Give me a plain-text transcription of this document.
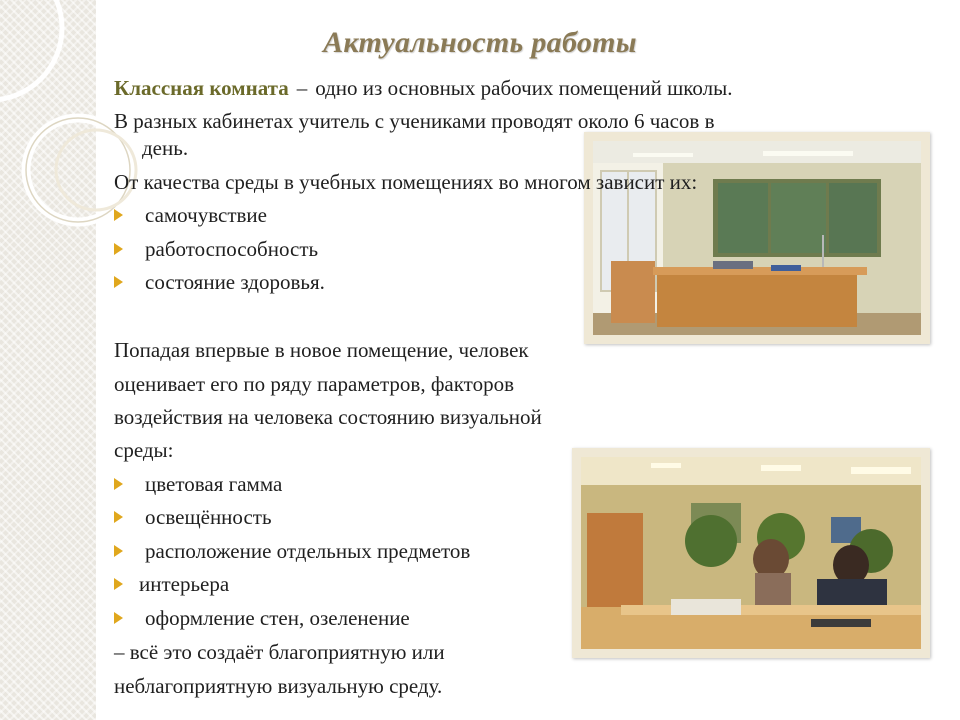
Актуальность работы
Классная комната – одно из основных рабочих помещений школы.
В разных кабинетах учитель с учениками проводят около 6 часов в
день.
От качества среды в учебных помещениях во многом зависит их:
самочувствие
работоспособность
состояние здоровья.
Попадая впервые в новое помещение, человек
оценивает его по ряду параметров, факторов
воздействия на человека состоянию визуальной
среды:
цветовая гамма
освещённость
расположение отдельных предметов
интерьера
оформление стен, озеленение
– всё это создаёт благоприятную или
неблагоприятную визуальную среду.
